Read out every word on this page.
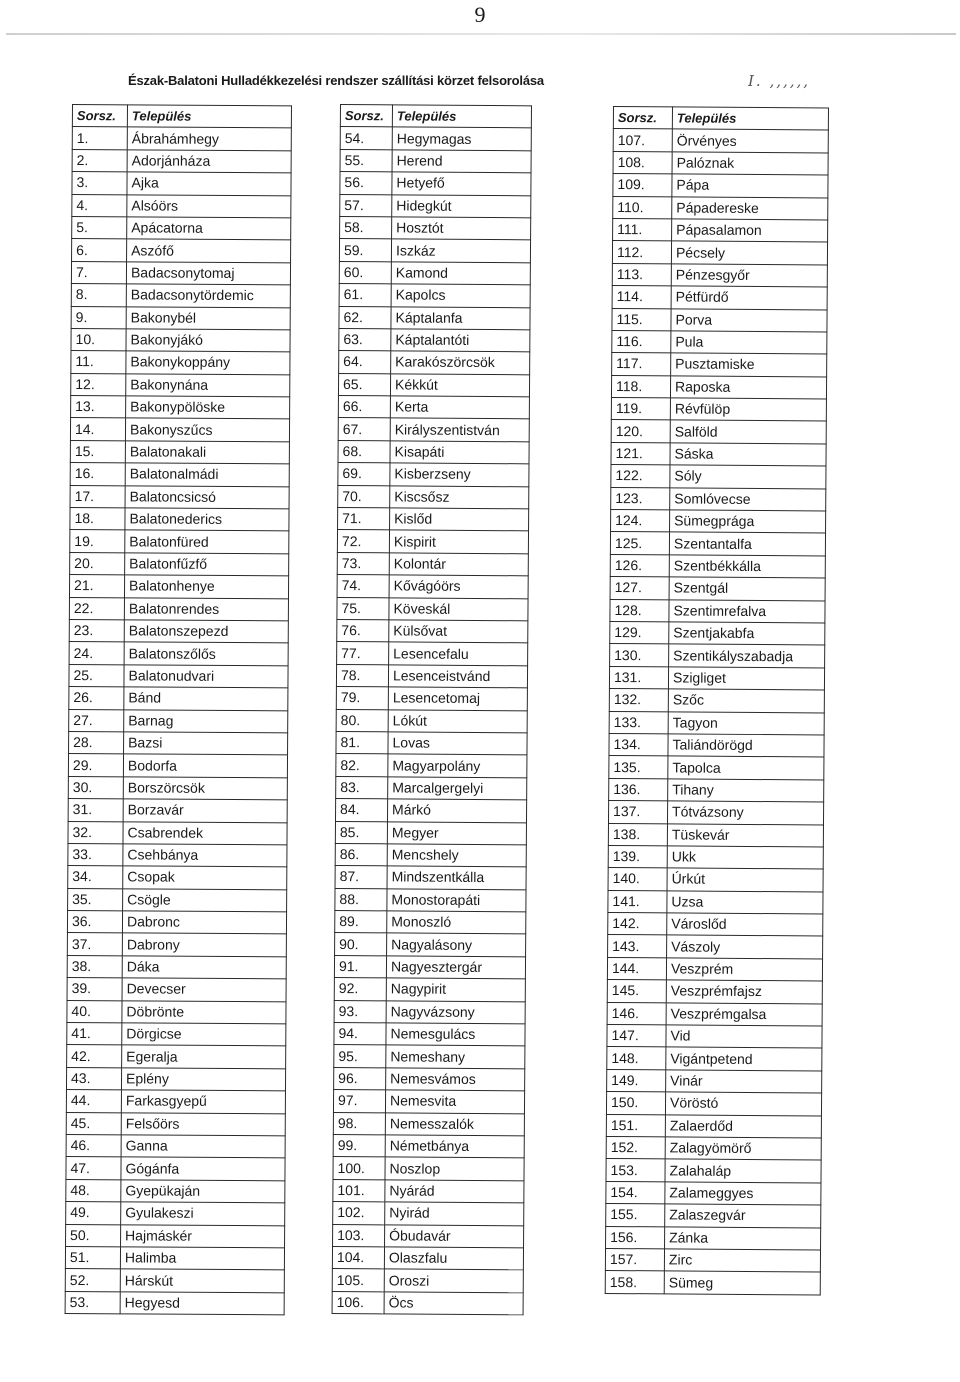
9
Észak-Balatoni Hulladékkezelési rendszer szállítási körzet felsorolása	I. ,,,,,,
Sorsz.	Település
1.	Ábrahámhegy
2.	Adorjánháza
3.	Ajka
4.	Alsóörs
5.	Apácatorna
6.	Aszófő
7.	Badacsonytomaj
8.	Badacsonytördemic
9.	Bakonybél
10.	Bakonyjákó
11.	Bakonykoppány
12.	Bakonynána
13.	Bakonypölöske
14.	Bakonyszűcs
15.	Balatonakali
16.	Balatonalmádi
17.	Balatoncsicsó
18.	Balatonederics
19.	Balatonfüred
20.	Balatonfűzfő
21.	Balatonhenye
22.	Balatonrendes
23.	Balatonszepezd
24.	Balatonszőlős
25.	Balatonudvari
26.	Bánd
27.	Barnag
28.	Bazsi
29.	Bodorfa
30.	Borszörcsök
31.	Borzavár
32.	Csabrendek
33.	Csehbánya
34.	Csopak
35.	Csögle
36.	Dabronc
37.	Dabrony
38.	Dáka
39.	Devecser
40.	Döbrönte
41.	Dörgicse
42.	Egeralja
43.	Eplény
44.	Farkasgyepű
45.	Felsőörs
46.	Ganna
47.	Gógánfa
48.	Gyepükaján
49.	Gyulakeszi
50.	Hajmáskér
51.	Halimba
52.	Hárskút
53.	Hegyesd
Sorsz.	Település
54.	Hegymagas
55.	Herend
56.	Hetyefő
57.	Hidegkút
58.	Hosztót
59.	Iszkáz
60.	Kamond
61.	Kapolcs
62.	Káptalanfa
63.	Káptalantóti
64.	Karakószörcsök
65.	Kékkút
66.	Kerta
67.	Királyszentistván
68.	Kisapáti
69.	Kisberzseny
70.	Kiscsősz
71.	Kislőd
72.	Kispirit
73.	Kolontár
74.	Kővágóörs
75.	Köveskál
76.	Külsővat
77.	Lesencefalu
78.	Lesenceistvánd
79.	Lesencetomaj
80.	Lókút
81.	Lovas
82.	Magyarpolány
83.	Marcalgergelyi
84.	Márkó
85.	Megyer
86.	Mencshely
87.	Mindszentkálla
88.	Monostorapáti
89.	Monoszló
90.	Nagyalásony
91.	Nagyesztergár
92.	Nagypirit
93.	Nagyvázsony
94.	Nemesgulács
95.	Nemeshany
96.	Nemesvámos
97.	Nemesvita
98.	Nemesszalók
99.	Németbánya
100.	Noszlop
101.	Nyárád
102.	Nyirád
103.	Óbudavár
104.	Olaszfalu
105.	Oroszi
106.	Öcs
Sorsz.	Település
107.	Örvényes
108.	Palóznak
109.	Pápa
110.	Pápadereske
111.	Pápasalamon
112.	Pécsely
113.	Pénzesgyőr
114.	Pétfürdő
115.	Porva
116.	Pula
117.	Pusztamiske
118.	Raposka
119.	Révfülöp
120.	Salföld
121.	Sáska
122.	Sóly
123.	Somlóvecse
124.	Sümegprága
125.	Szentantalfa
126.	Szentbékkálla
127.	Szentgál
128.	Szentimrefalva
129.	Szentjakabfa
130.	Szentikályszabadja
131.	Szigliget
132.	Szőc
133.	Tagyon
134.	Taliándörögd
135.	Tapolca
136.	Tihany
137.	Tótvázsony
138.	Tüskevár
139.	Ukk
140.	Úrkút
141.	Uzsa
142.	Városlőd
143.	Vászoly
144.	Veszprém
145.	Veszprémfajsz
146.	Veszprémgalsa
147.	Vid
148.	Vigántpetend
149.	Vinár
150.	Vöröstó
151.	Zalaerdőd
152.	Zalagyömörő
153.	Zalahaláp
154.	Zalameggyes
155.	Zalaszegvár
156.	Zánka
157.	Zirc
158.	Sümeg
